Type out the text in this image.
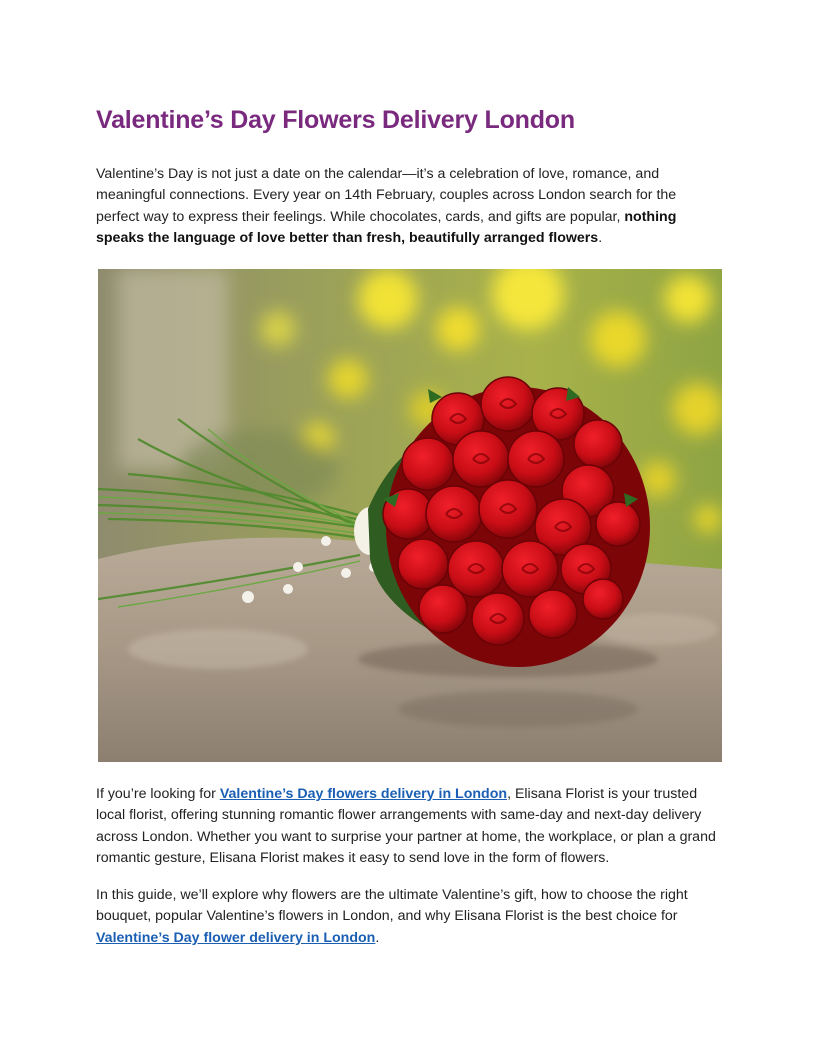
Valentine’s Day Flowers Delivery London

Valentine’s Day is not just a date on the calendar—it’s a celebration of love, romance, and meaningful connections. Every year on 14th February, couples across London search for the perfect way to express their feelings. While chocolates, cards, and gifts are popular, nothing speaks the language of love better than fresh, beautifully arranged flowers.

If you’re looking for Valentine’s Day flowers delivery in London, Elisana Florist is your trusted local florist, offering stunning romantic flower arrangements with same-day and next-day delivery across London. Whether you want to surprise your partner at home, the workplace, or plan a grand romantic gesture, Elisana Florist makes it easy to send love in the form of flowers.

In this guide, we’ll explore why flowers are the ultimate Valentine’s gift, how to choose the right bouquet, popular Valentine’s flowers in London, and why Elisana Florist is the best choice for Valentine’s Day flower delivery in London.
